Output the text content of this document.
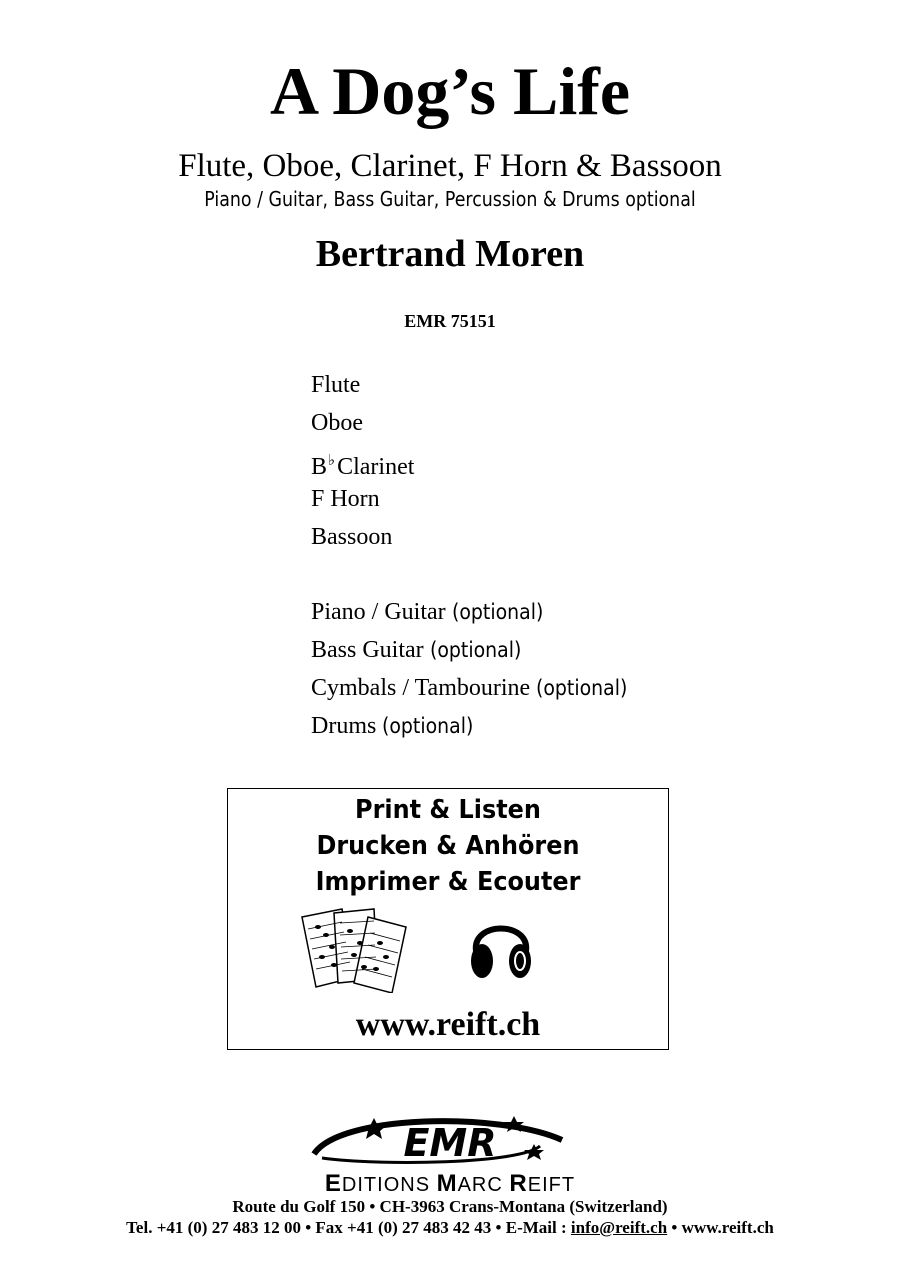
A Dog’s Life
Flute, Oboe, Clarinet, F Horn & Bassoon
Piano / Guitar, Bass Guitar, Percussion & Drums optional
Bertrand Moren
EMR 75151
Flute
Oboe
B♭Clarinet
F Horn
Bassoon
Piano / Guitar (optional)
Bass Guitar (optional)
Cymbals / Tambourine (optional)
Drums (optional)
Print & Listen
Drucken & Anhören
Imprimer & Ecouter
www.reift.ch
EMR
EDITIONS MARC REIFT
Route du Golf 150 • CH-3963 Crans-Montana (Switzerland)
Tel. +41 (0) 27 483 12 00 • Fax +41 (0) 27 483 42 43 • E-Mail : info@reift.ch • www.reift.ch
